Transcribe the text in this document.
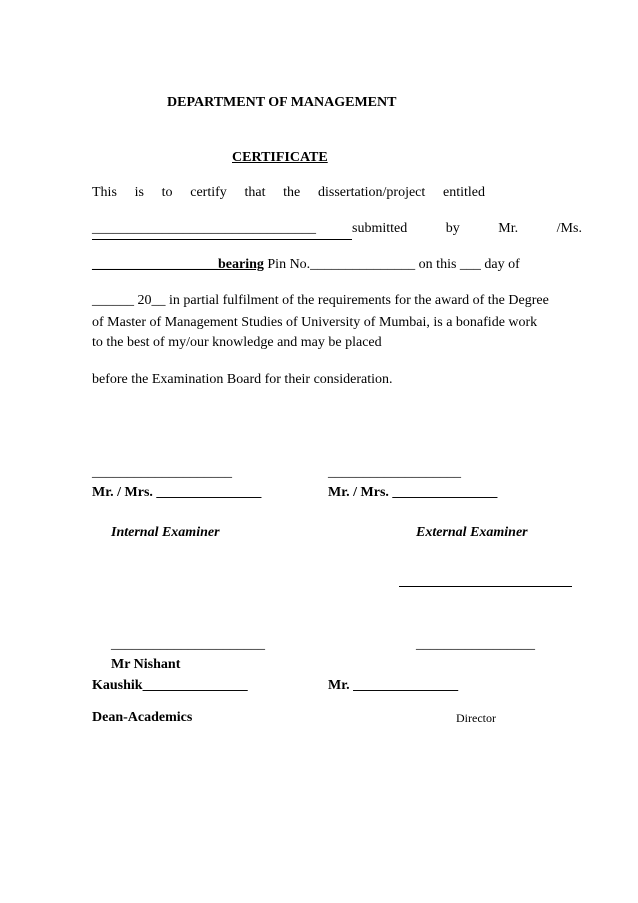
DEPARTMENT OF MANAGEMENT
CERTIFICATE
This is to certify that the dissertation/project entitled
________________________________	submitted	by	Mr.	/Ms.
__________________bearing Pin No._______________ on this ___ day of
______ 20__ in partial fulfilment of the requirements for the award of the Degree
of Master of Management Studies of University of Mumbai, is a bonafide work
to the best of my/our knowledge and may be placed
before the Examination Board for their consideration.
____________________
Mr. / Mrs. _______________
Internal Examiner
___________________
Mr. / Mrs. _______________
External Examiner
______________________
Mr Nishant
Kaushik_______________
Dean-Academics
_________________
Mr. _______________
Director
